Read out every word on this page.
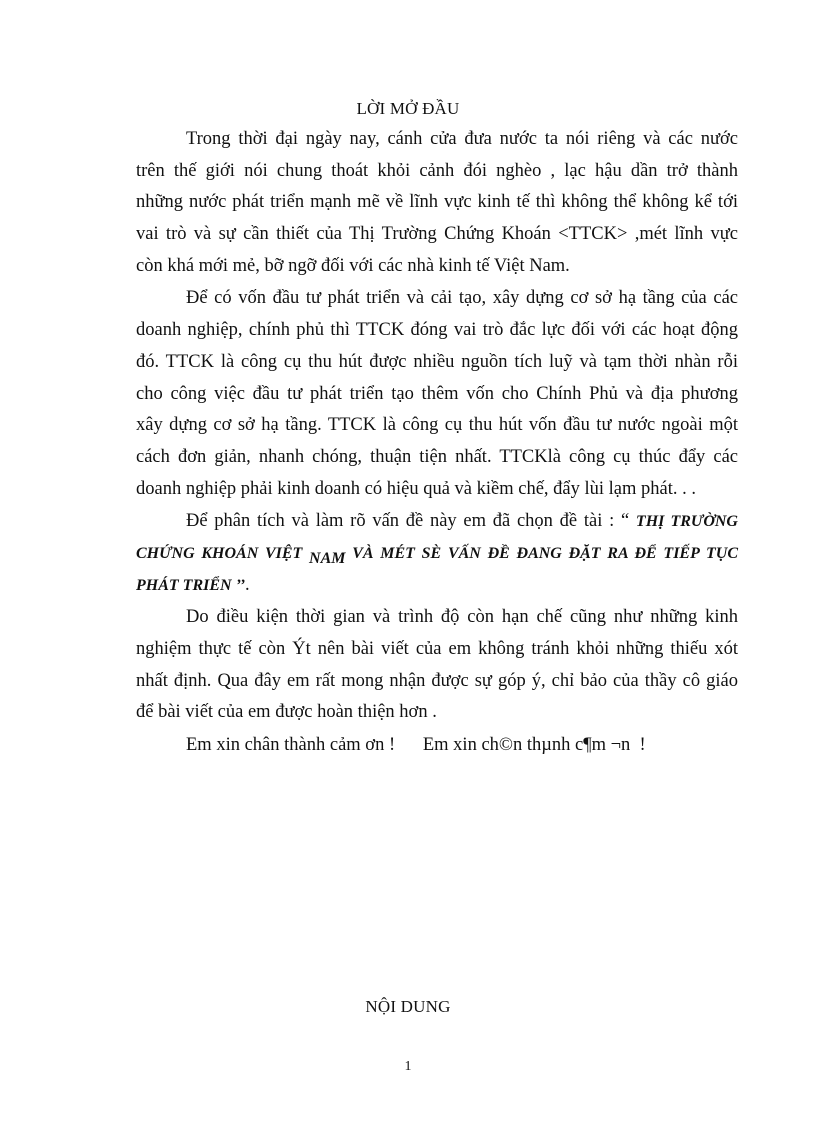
LỜI MỞ ĐẦU
Trong thời đại ngày nay, cánh cửa đưa nước ta nói riêng và các nước
trên thế giới nói chung thoát khỏi cảnh đói nghèo , lạc hậu dần trở thành
những nước phát triển mạnh mẽ về lĩnh vực kinh tế thì không thể không kể tới
vai trò và sự cần thiết của Thị Trường Chứng Khoán <TTCK> ,mét lĩnh vực
còn khá mới mẻ, bỡ ngỡ đối với các nhà kinh tế Việt Nam.
Để có vốn đầu tư phát triển và cải tạo, xây dựng cơ sở hạ tầng của các
doanh nghiệp, chính phủ thì TTCK đóng vai trò đắc lực đối với các hoạt động
đó. TTCK là công cụ thu hút được nhiều nguồn tích luỹ và tạm thời nhàn rỗi
cho công việc đầu tư phát triển tạo thêm vốn cho Chính Phủ và địa phương
xây dựng cơ sở hạ tầng. TTCK là công cụ thu hút vốn đầu tư nước ngoài một
cách đơn giản, nhanh chóng, thuận tiện nhất. TTCKlà công cụ thúc đẩy các
doanh nghiệp phải kinh doanh có hiệu quả và kiềm chế, đẩy lùi lạm phát. . .
Để phân tích và làm rõ vấn đề này em đã chọn đề tài : “ THỊ TRƯỜNG
CHỨNG KHOÁN VIỆT NAM VÀ MÉT SÈ VẤN ĐỀ ĐANG ĐẶT RA ĐỂ TIẾP TỤC
PHÁT TRIỂN ’’.
Do điều kiện thời gian và trình độ còn hạn chế cũng như những kinh
nghiệm thực tế còn Ýt nên bài viết của em không tránh khỏi những thiếu xót
nhất định. Qua đây em rất mong nhận được sự góp ý, chỉ bảo của thầy cô giáo
để bài viết của em được hoàn thiện hơn .
Em xin chân thành cảm ơn !      Em xin ch©n thµnh c¶m ¬n  !
NỘI DUNG
1
